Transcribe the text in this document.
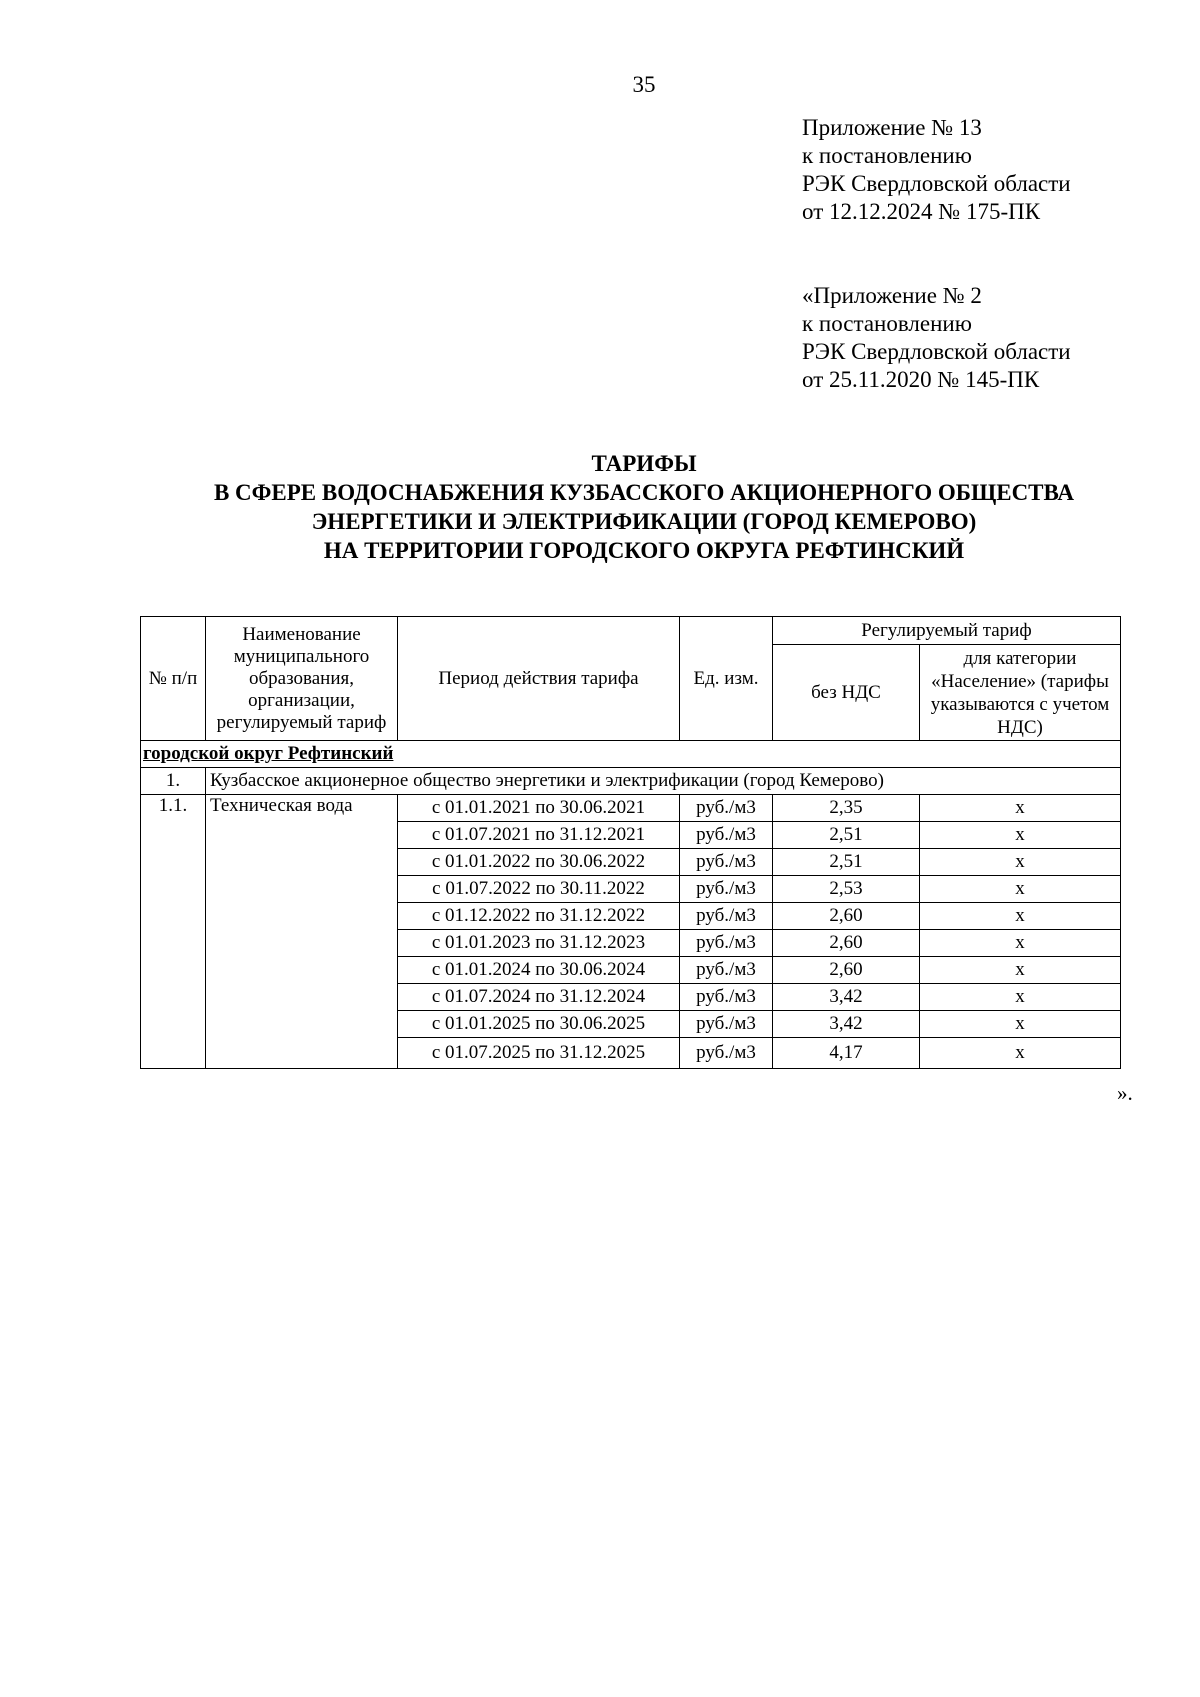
35
Приложение № 13
к постановлению
РЭК Свердловской области
от 12.12.2024 № 175-ПК
«Приложение № 2
к постановлению
РЭК Свердловской области
от 25.11.2020 № 145-ПК
ТАРИФЫ
В СФЕРЕ ВОДОСНАБЖЕНИЯ КУЗБАССКОГО АКЦИОНЕРНОГО ОБЩЕСТВА
ЭНЕРГЕТИКИ И ЭЛЕКТРИФИКАЦИИ (ГОРОД КЕМЕРОВО)
НА ТЕРРИТОРИИ ГОРОДСКОГО ОКРУГА РЕФТИНСКИЙ
№ п/п	Наименование муниципального образования, организации, регулируемый тариф	Период действия тарифа	Ед. изм.	Регулируемый тариф	
				без НДС	для категории «Население» (тарифы указываются с учетом НДС)
городской округ Рефтинский					
1.	Кузбасское акционерное общество энергетики и электрификации (город Кемерово)				
1.1.	Техническая вода	с 01.01.2021 по 30.06.2021	руб./м3	2,35	х
		с 01.07.2021 по 31.12.2021	руб./м3	2,51	х
		с 01.01.2022 по 30.06.2022	руб./м3	2,51	х
		с 01.07.2022 по 30.11.2022	руб./м3	2,53	х
		с 01.12.2022 по 31.12.2022	руб./м3	2,60	х
		с 01.01.2023 по 31.12.2023	руб./м3	2,60	х
		с 01.01.2024 по 30.06.2024	руб./м3	2,60	х
		с 01.07.2024 по 31.12.2024	руб./м3	3,42	х
		с 01.01.2025 по 30.06.2025	руб./м3	3,42	х
		с 01.07.2025 по 31.12.2025	руб./м3	4,17	х
».
